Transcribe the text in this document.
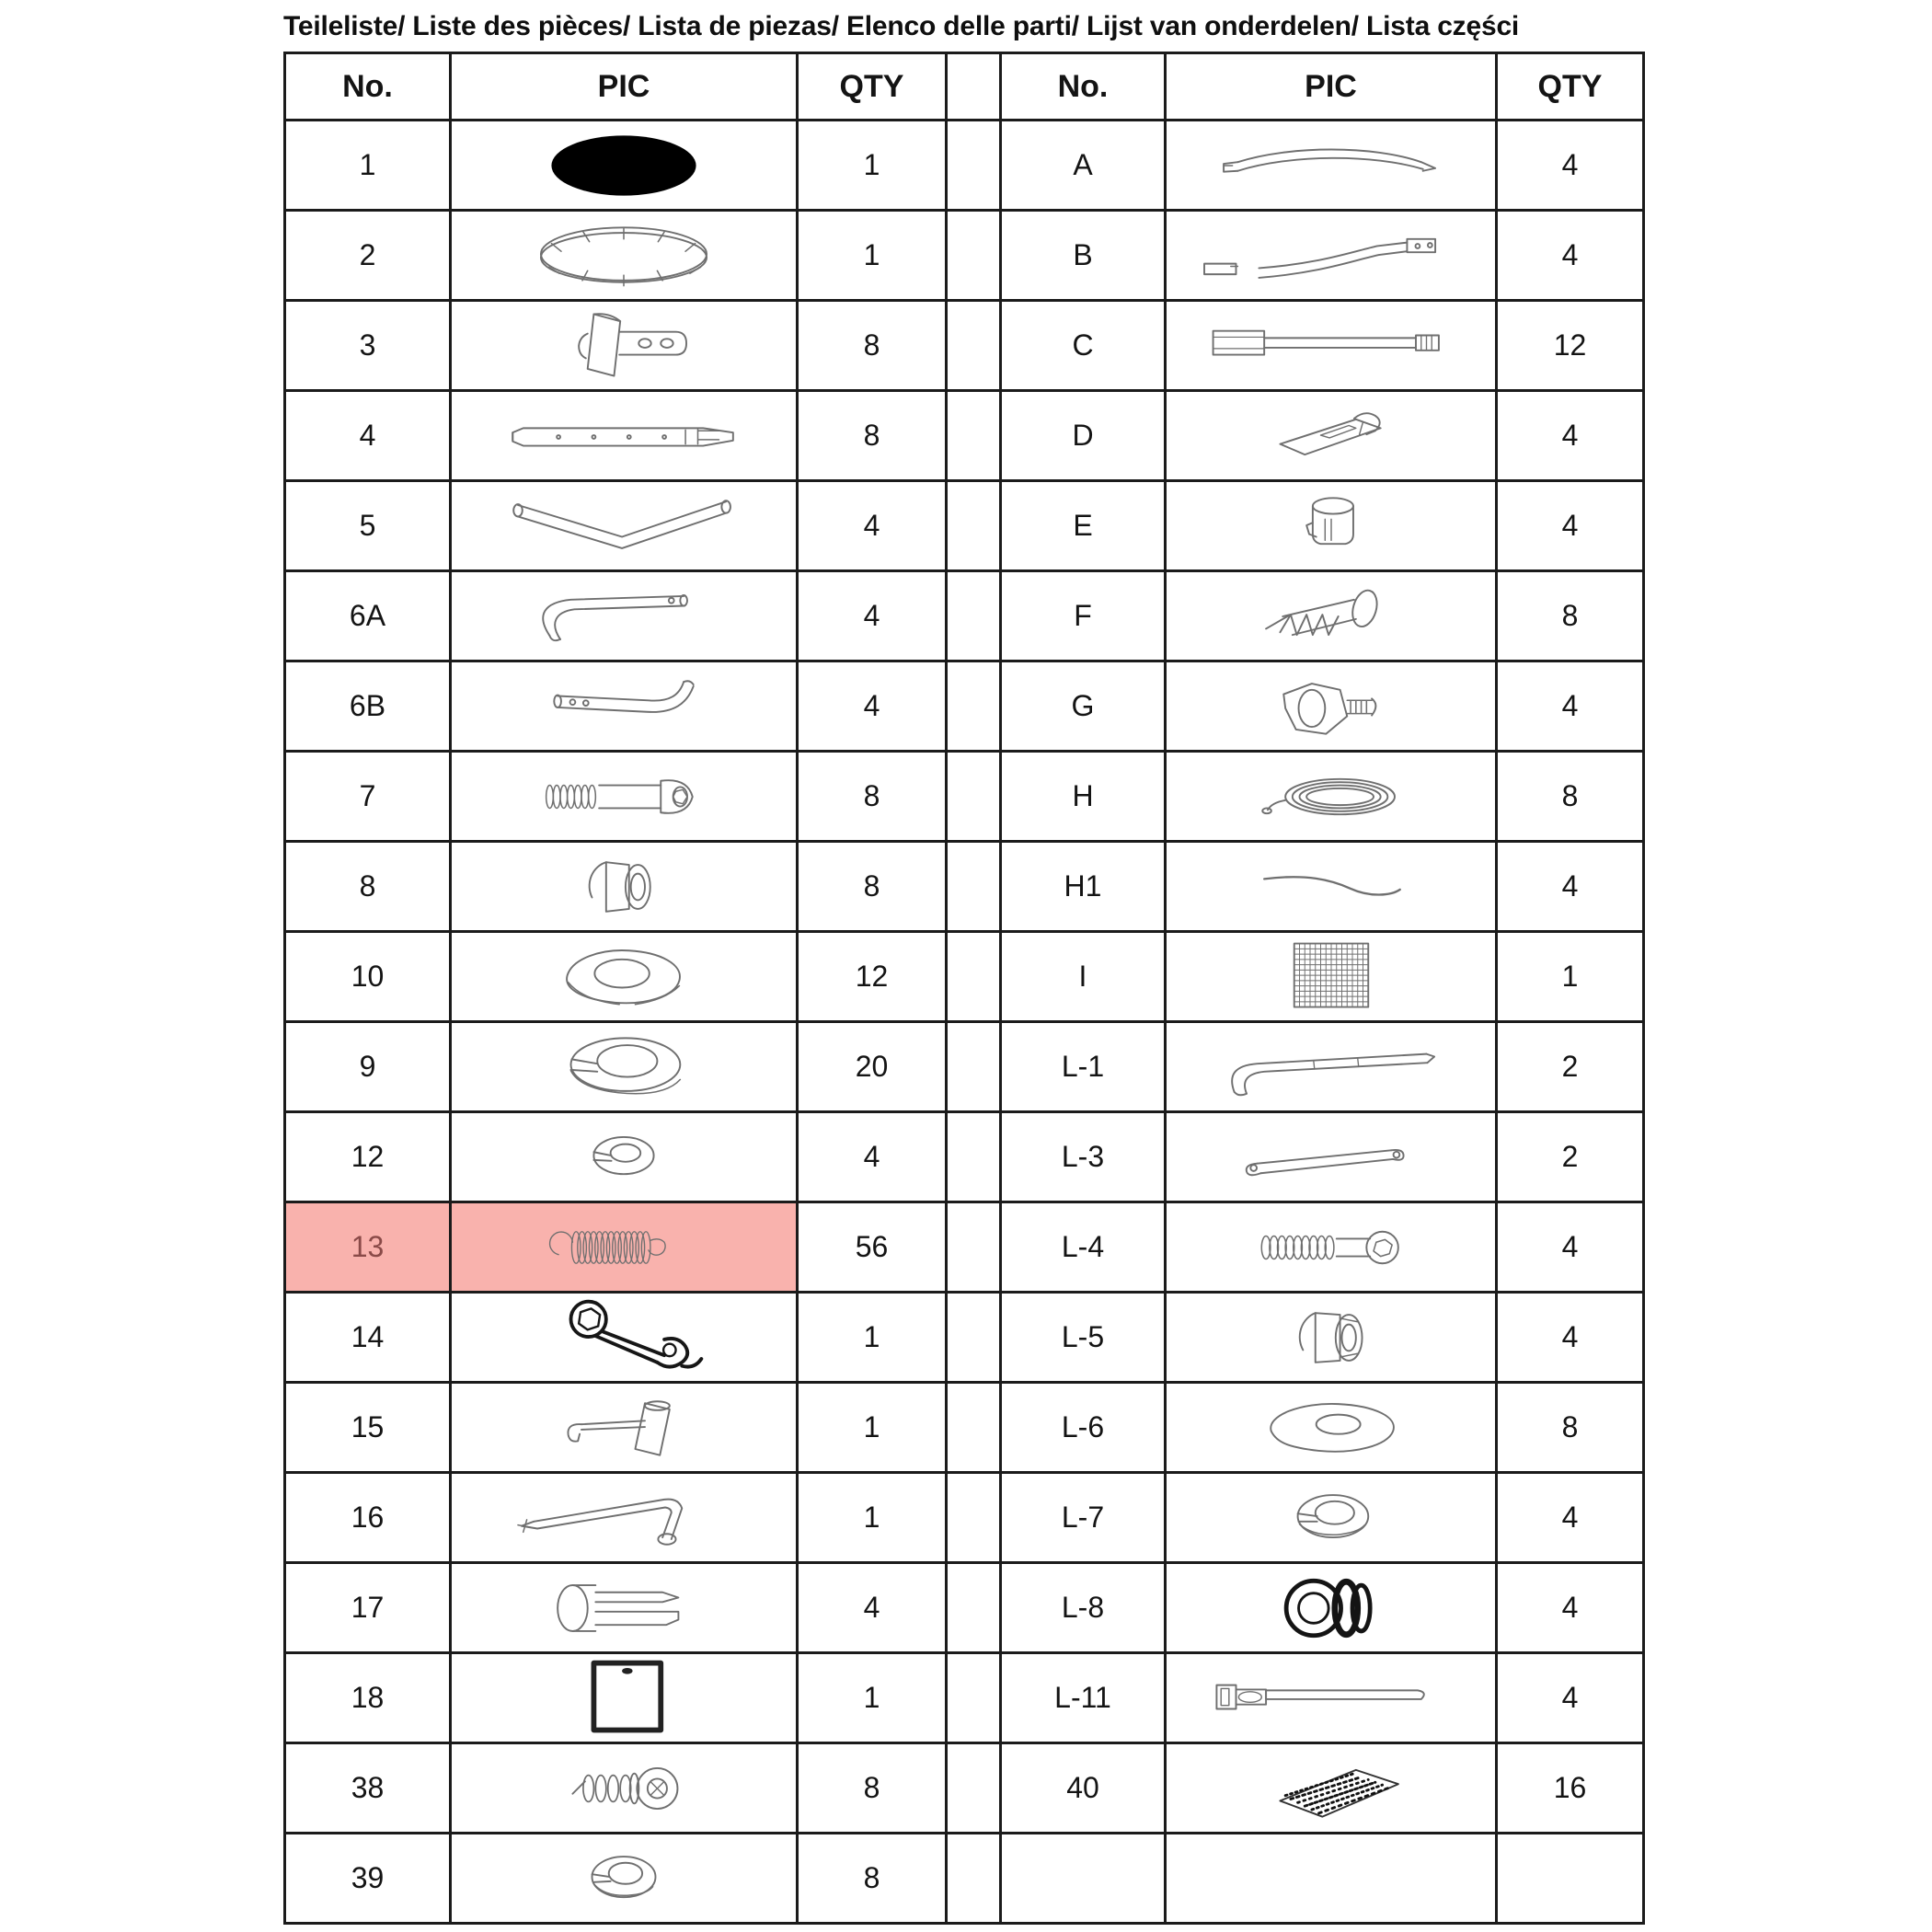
Teileliste/ Liste des pièces/ Lista de piezas/ Elenco delle parti/ Lijst van onderdelen/ Lista części
No.	PIC	QTY		No.	PIC	QTY
1		1		A		4
2		1		B		4
3		8		C		12
4		8		D		4
5		4		E		4
6A		4		F		8
6B		4		G		4
7		8		H		8
8		8		H1		4
10		12		I		1
9		20		L-1		2
12		4		L-3		2
13		56		L-4		4
14		1		L-5		4
15		1		L-6		8
16		1		L-7		4
17		4		L-8		4
18		1		L-11		4
38		8		40		16
39		8				
